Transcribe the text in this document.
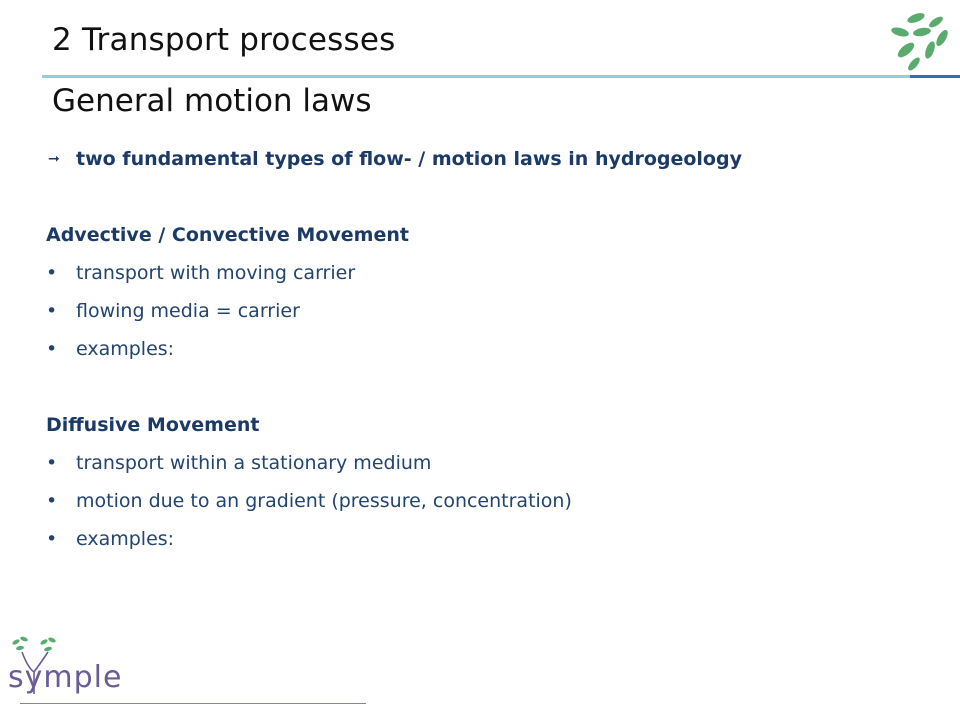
2 Transport processes
General motion laws
➞ two fundamental types of flow- / motion laws in hydrogeology
Advective / Convective Movement
• transport with moving carrier
• flowing media = carrier
• examples:
Diffusive Movement
• transport within a stationary medium
• motion due to an gradient (pressure, concentration)
• examples:
symple
